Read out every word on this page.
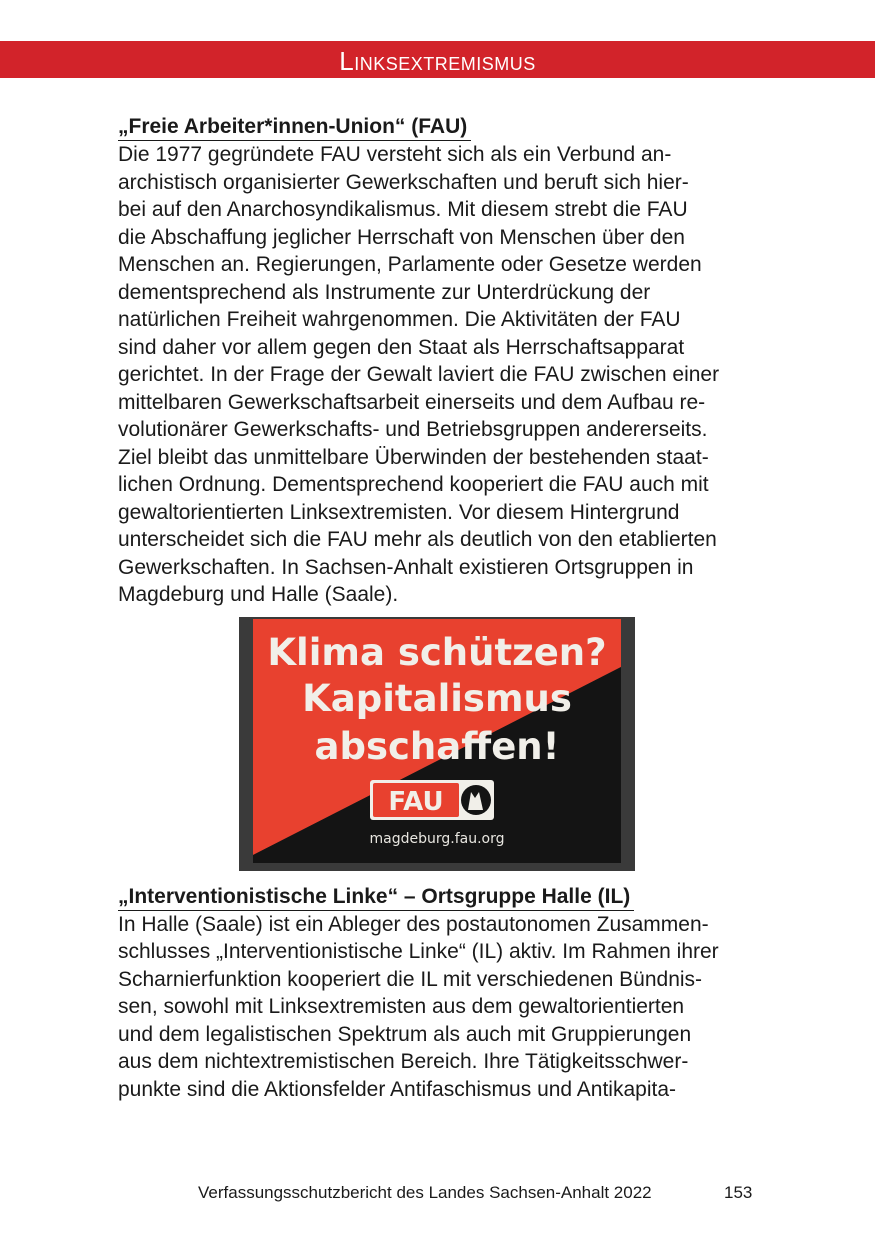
Linksextremismus
„Freie Arbeiter*innen-Union“ (FAU)

Die 1977 gegründete FAU versteht sich als ein Verbund an-

archistisch organisierter Gewerkschaften und beruft sich hier-

bei auf den Anarchosyndikalismus. Mit diesem strebt die FAU

die Abschaffung jeglicher Herrschaft von Menschen über den

Menschen an. Regierungen, Parlamente oder Gesetze werden

dementsprechend als Instrumente zur Unterdrückung der

natürlichen Freiheit wahrgenommen. Die Aktivitäten der FAU

sind daher vor allem gegen den Staat als Herrschaftsapparat

gerichtet. In der Frage der Gewalt laviert die FAU zwischen einer

mittelbaren Gewerkschaftsarbeit einerseits und dem Aufbau re-

volutionärer Gewerkschafts- und Betriebsgruppen andererseits.

Ziel bleibt das unmittelbare Überwinden der bestehenden staat-

lichen Ordnung. Dementsprechend kooperiert die FAU auch mit

gewaltorientierten Linksextremisten. Vor diesem Hintergrund

unterscheidet sich die FAU mehr als deutlich von den etablierten

Gewerkschaften. In Sachsen-Anhalt existieren Ortsgruppen in

Magdeburg und Halle (Saale).

Klima schützen?
Kapitalismus
abschaffen!
FAU
magdeburg.fau.org
„Interventionistische Linke“ – Ortsgruppe Halle (IL)

In Halle (Saale) ist ein Ableger des postautonomen Zusammen-

schlusses „Interventionistische Linke“ (IL) aktiv. Im Rahmen ihrer

Scharnierfunktion kooperiert die IL mit verschiedenen Bündnis-

sen, sowohl mit Linksextremisten aus dem gewaltorientierten

und dem legalistischen Spektrum als auch mit Gruppierungen

aus dem nichtextremistischen Bereich. Ihre Tätigkeitsschwer-

punkte sind die Aktionsfelder Antifaschismus und Antikapita-

Verfassungsschutzbericht des Landes Sachsen-Anhalt 2022	153
